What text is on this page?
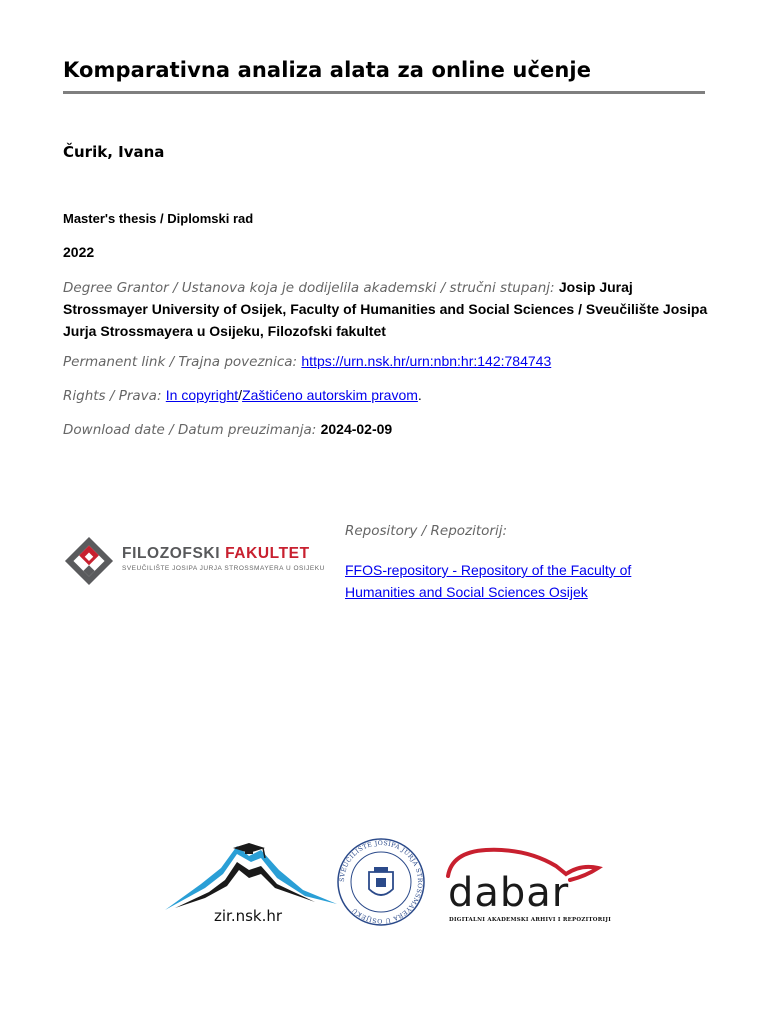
Komparativna analiza alata za online učenje
Čurik, Ivana
Master's thesis / Diplomski rad
2022
Degree Grantor / Ustanova koja je dodijelila akademski / stručni stupanj: Josip Juraj Strossmayer University of Osijek, Faculty of Humanities and Social Sciences / Sveučilište Josipa Jurja Strossmayera u Osijeku, Filozofski fakultet
Permanent link / Trajna poveznica: https://urn.nsk.hr/urn:nbn:hr:142:784743
Rights / Prava: In copyright/Zaštićeno autorskim pravom.
Download date / Datum preuzimanja: 2024-02-09
FILOZOFSKI FAKULTET
SVEUČILIŠTE JOSIPA JURJA STROSSMAYERA U OSIJEKU
Repository / Repozitorij:
FFOS-repository - Repository of the Faculty of Humanities and Social Sciences Osijek
zir.nsk.hr
SVEUČILIŠTE JOSIPA JURJA STROSSMAYERA U OSIJEKU	dabar
DIGITALNI AKADEMSKI ARHIVI I REPOZITORIJI
